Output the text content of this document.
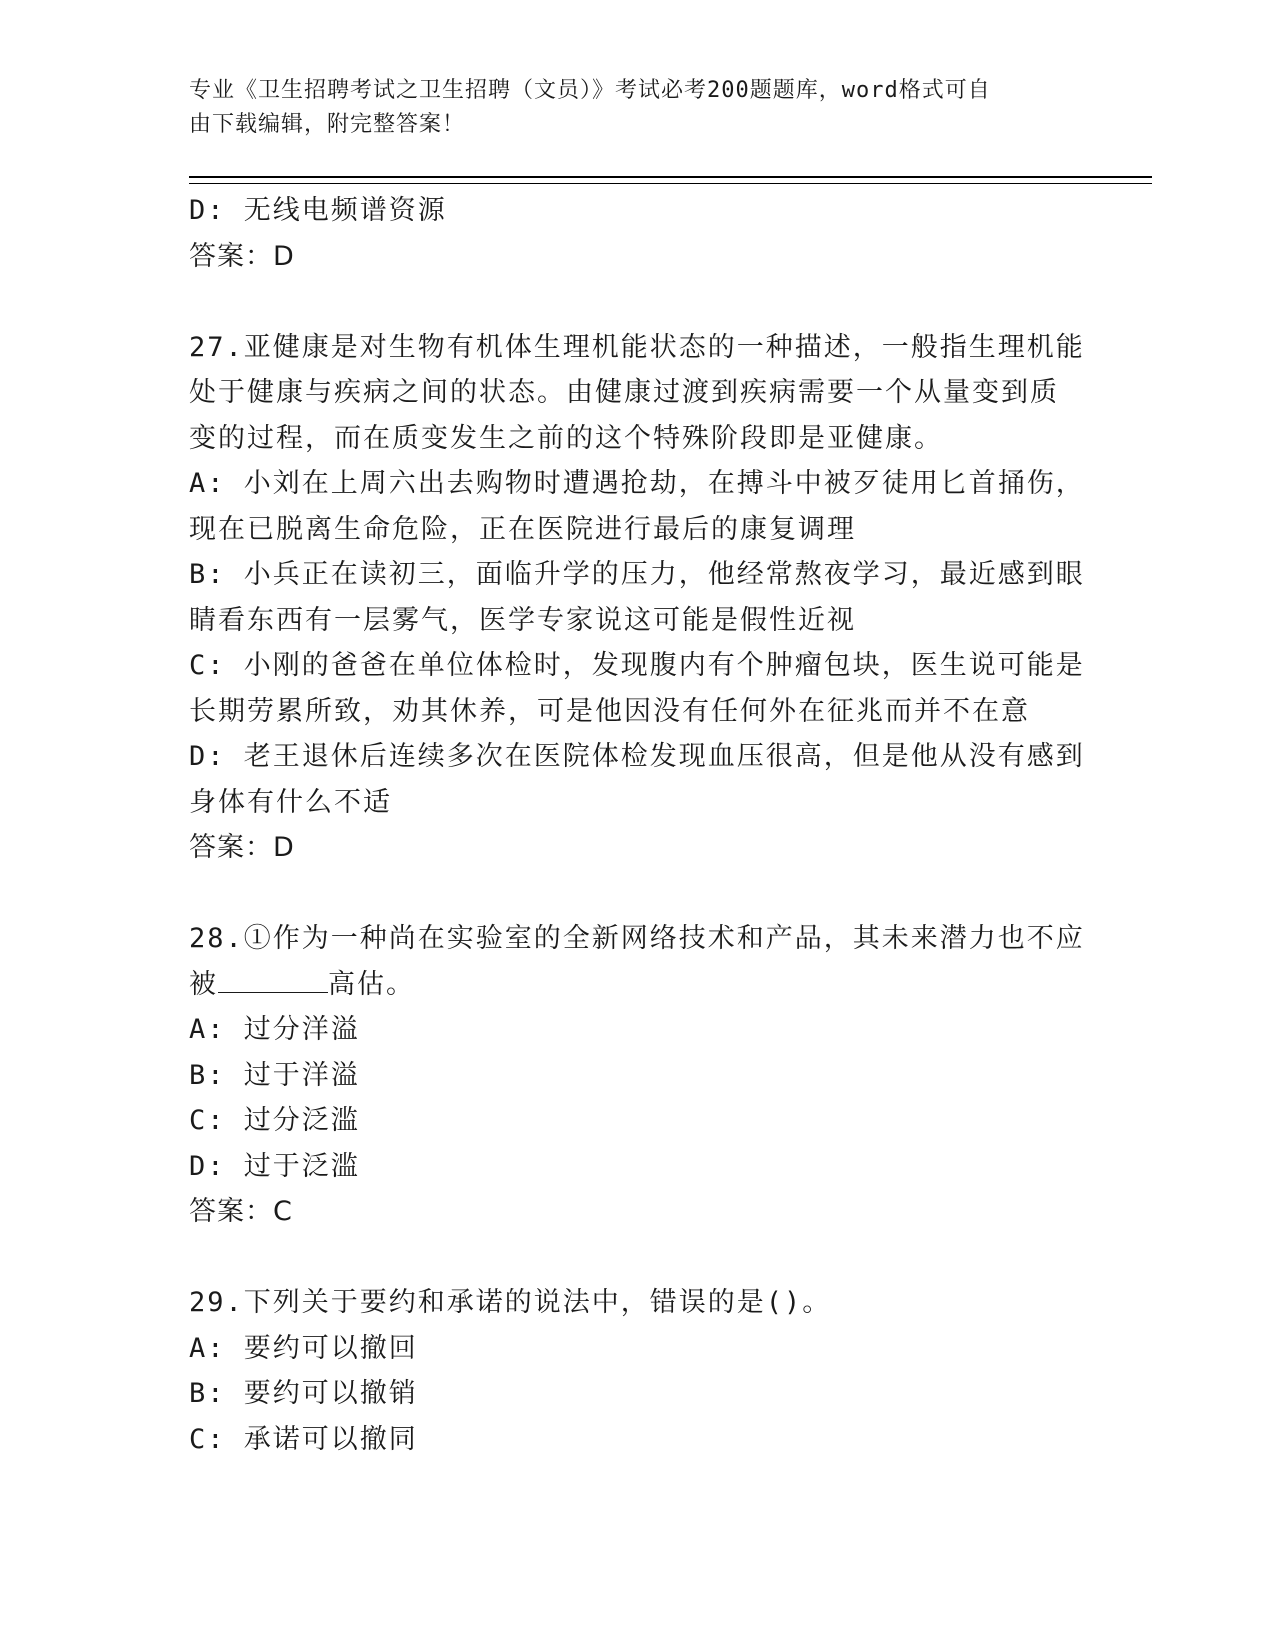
专业《卫生招聘考试之卫生招聘（文员）》考试必考200题题库，word格式可自
由下载编辑，附完整答案！
D: 无线电频谱资源
答案：D
27.亚健康是对生物有机体生理机能状态的一种描述，一般指生理机能
处于健康与疾病之间的状态。由健康过渡到疾病需要一个从量变到质
变的过程，而在质变发生之前的这个特殊阶段即是亚健康。
A: 小刘在上周六出去购物时遭遇抢劫，在搏斗中被歹徒用匕首捅伤，
现在已脱离生命危险，正在医院进行最后的康复调理
B: 小兵正在读初三，面临升学的压力，他经常熬夜学习，最近感到眼
睛看东西有一层雾气，医学专家说这可能是假性近视
C: 小刚的爸爸在单位体检时，发现腹内有个肿瘤包块，医生说可能是
长期劳累所致，劝其休养，可是他因没有任何外在征兆而并不在意
D: 老王退休后连续多次在医院体检发现血压很高，但是他从没有感到
身体有什么不适
答案：D
28.①作为一种尚在实验室的全新网络技术和产品，其未来潜力也不应
被	高估。
A: 过分洋溢
B: 过于洋溢
C: 过分泛滥
D: 过于泛滥
答案：C
29.下列关于要约和承诺的说法中，错误的是()。
A: 要约可以撤回
B: 要约可以撤销
C: 承诺可以撤同
